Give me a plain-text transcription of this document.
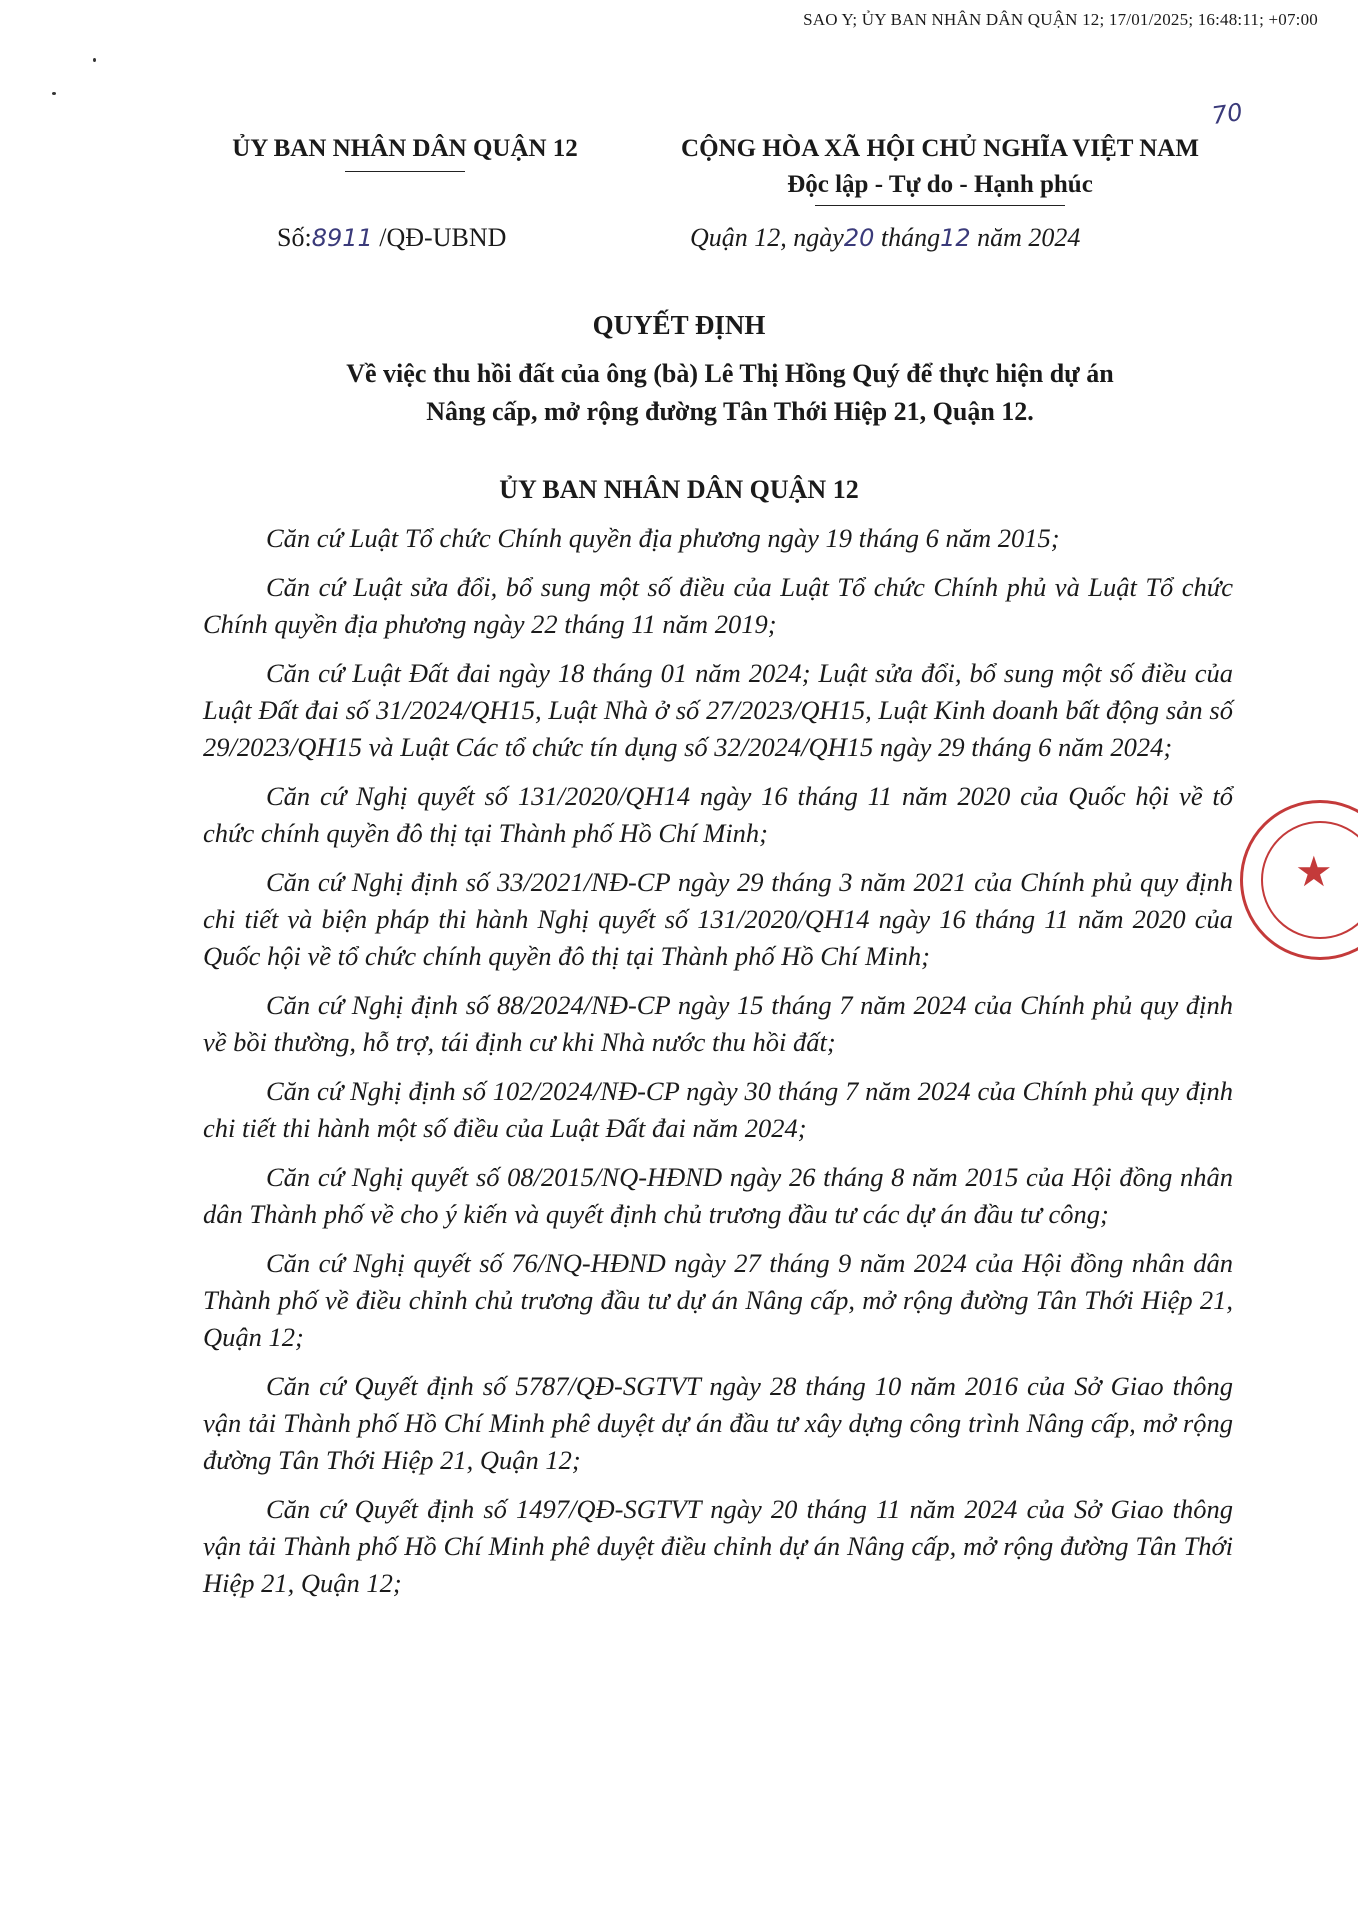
SAO Y; ỦY BAN NHÂN DÂN QUẬN 12; 17/01/2025; 16:48:11; +07:00
70
ỦY BAN NHÂN DÂN QUẬN 12	CỘNG HÒA XÃ HỘI CHỦ NGHĨA VIỆT NAM
Độc lập - Tự do - Hạnh phúc
Số:8911 /QĐ-UBND	Quận 12, ngày20 tháng12 năm 2024
QUYẾT ĐỊNH
Về việc thu hồi đất của ông (bà) Lê Thị Hồng Quý để thực hiện dự án
Nâng cấp, mở rộng đường Tân Thới Hiệp 21, Quận 12.
ỦY BAN NHÂN DÂN QUẬN 12

Căn cứ Luật Tổ chức Chính quyền địa phương ngày 19 tháng 6 năm 2015;

Căn cứ Luật sửa đổi, bổ sung một số điều của Luật Tổ chức Chính phủ và Luật Tổ chức Chính quyền địa phương ngày 22 tháng 11 năm 2019;

Căn cứ Luật Đất đai ngày 18 tháng 01 năm 2024; Luật sửa đổi, bổ sung một số điều của Luật Đất đai số 31/2024/QH15, Luật Nhà ở số 27/2023/QH15, Luật Kinh doanh bất động sản số 29/2023/QH15 và Luật Các tổ chức tín dụng số 32/2024/QH15 ngày 29 tháng 6 năm 2024;

Căn cứ Nghị quyết số 131/2020/QH14 ngày 16 tháng 11 năm 2020 của Quốc hội về tổ chức chính quyền đô thị tại Thành phố Hồ Chí Minh;

Căn cứ Nghị định số 33/2021/NĐ-CP ngày 29 tháng 3 năm 2021 của Chính phủ quy định chi tiết và biện pháp thi hành Nghị quyết số 131/2020/QH14 ngày 16 tháng 11 năm 2020 của Quốc hội về tổ chức chính quyền đô thị tại Thành phố Hồ Chí Minh;

Căn cứ Nghị định số 88/2024/NĐ-CP ngày 15 tháng 7 năm 2024 của Chính phủ quy định về bồi thường, hỗ trợ, tái định cư khi Nhà nước thu hồi đất;

Căn cứ Nghị định số 102/2024/NĐ-CP ngày 30 tháng 7 năm 2024 của Chính phủ quy định chi tiết thi hành một số điều của Luật Đất đai năm 2024;

Căn cứ Nghị quyết số 08/2015/NQ-HĐND ngày 26 tháng 8 năm 2015 của Hội đồng nhân dân Thành phố về cho ý kiến và quyết định chủ trương đầu tư các dự án đầu tư công;

Căn cứ Nghị quyết số 76/NQ-HĐND ngày 27 tháng 9 năm 2024 của Hội đồng nhân dân Thành phố về điều chỉnh chủ trương đầu tư dự án Nâng cấp, mở rộng đường Tân Thới Hiệp 21, Quận 12;

Căn cứ Quyết định số 5787/QĐ-SGTVT ngày 28 tháng 10 năm 2016 của Sở Giao thông vận tải Thành phố Hồ Chí Minh phê duyệt dự án đầu tư xây dựng công trình Nâng cấp, mở rộng đường Tân Thới Hiệp 21, Quận 12;

Căn cứ Quyết định số 1497/QĐ-SGTVT ngày 20 tháng 11 năm 2024 của Sở Giao thông vận tải Thành phố Hồ Chí Minh phê duyệt điều chỉnh dự án Nâng cấp, mở rộng đường Tân Thới Hiệp 21, Quận 12;

★
